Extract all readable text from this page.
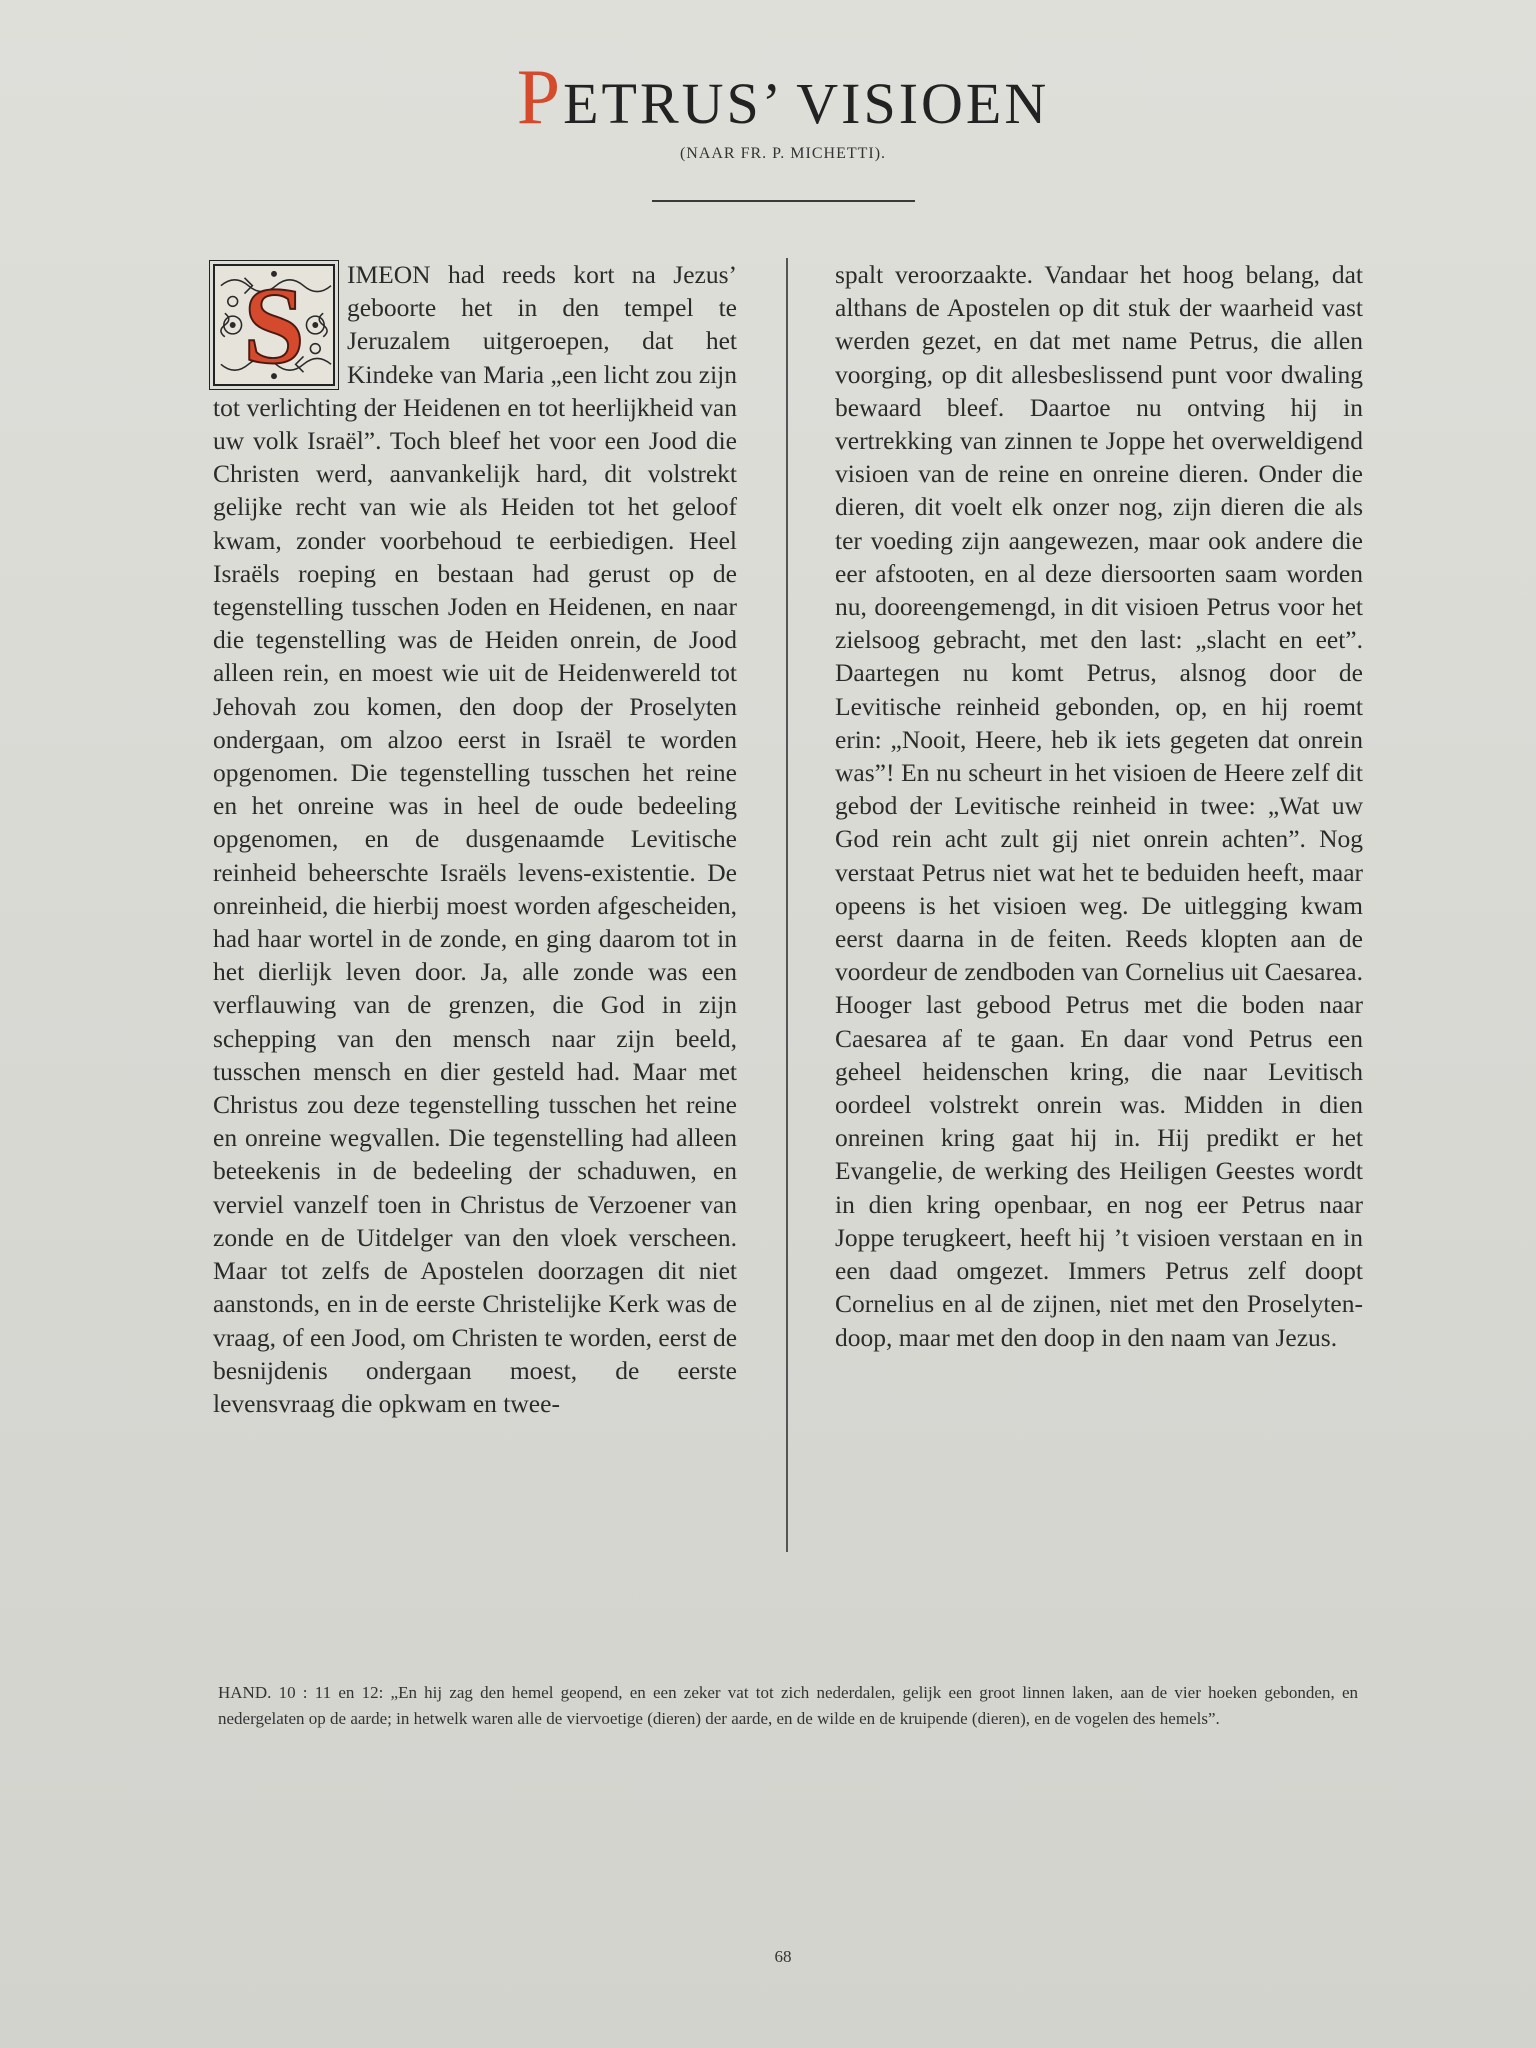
PETRUS’ VISIOEN
(NAAR FR. P. MICHETTI).
S IMEON had reeds kort na Jezus’ geboorte het in den tempel te Jeruzalem uitgeroepen, dat het Kindeke van Maria „een licht zou zijn tot verlichting der Heidenen en tot heerlijkheid van uw volk Israël”. Toch bleef het voor een Jood die Christen werd, aanvankelijk hard, dit volstrekt gelijke recht van wie als Heiden tot het geloof kwam, zonder voorbehoud te eerbiedigen. Heel Israëls roeping en bestaan had gerust op de tegenstelling tusschen Joden en Heidenen, en naar die tegenstelling was de Heiden onrein, de Jood alleen rein, en moest wie uit de Heidenwereld tot Jehovah zou komen, den doop der Proselyten ondergaan, om alzoo eerst in Israël te worden opgenomen. Die tegenstelling tusschen het reine en het onreine was in heel de oude bedeeling opgenomen, en de dusgenaamde Levitische reinheid beheerschte Israëls levens-existentie. De onreinheid, die hierbij moest worden afgescheiden, had haar wortel in de zonde, en ging daarom tot in het dierlijk leven door. Ja, alle zonde was een verflauwing van de grenzen, die God in zijn schepping van den mensch naar zijn beeld, tusschen mensch en dier gesteld had. Maar met Christus zou deze tegenstelling tusschen het reine en onreine wegvallen. Die tegenstelling had alleen beteekenis in de bedeeling der schaduwen, en verviel vanzelf toen in Christus de Verzoener van zonde en de Uitdelger van den vloek verscheen. Maar tot zelfs de Apostelen doorzagen dit niet aanstonds, en in de eerste Christelijke Kerk was de vraag, of een Jood, om Christen te worden, eerst de besnijdenis ondergaan moest, de eerste levensvraag die opkwam en twee-
spalt veroorzaakte. Vandaar het hoog belang, dat althans de Apostelen op dit stuk der waarheid vast werden gezet, en dat met name Petrus, die allen voorging, op dit allesbeslissend punt voor dwaling bewaard bleef. Daartoe nu ontving hij in vertrekking van zinnen te Joppe het overweldigend visioen van de reine en onreine dieren. Onder die dieren, dit voelt elk onzer nog, zijn dieren die als ter voeding zijn aangewezen, maar ook andere die eer afstooten, en al deze diersoorten saam worden nu, dooreengemengd, in dit visioen Petrus voor het zielsoog gebracht, met den last: „slacht en eet”. Daartegen nu komt Petrus, alsnog door de Levitische reinheid gebonden, op, en hij roemt erin: „Nooit, Heere, heb ik iets gegeten dat onrein was”! En nu scheurt in het visioen de Heere zelf dit gebod der Levitische reinheid in twee: „Wat uw God rein acht zult gij niet onrein achten”. Nog verstaat Petrus niet wat het te beduiden heeft, maar opeens is het visioen weg. De uitlegging kwam eerst daarna in de feiten. Reeds klopten aan de voordeur de zendboden van Cornelius uit Caesarea. Hooger last gebood Petrus met die boden naar Caesarea af te gaan. En daar vond Petrus een geheel heidenschen kring, die naar Levitisch oordeel volstrekt onrein was. Midden in dien onreinen kring gaat hij in. Hij predikt er het Evangelie, de werking des Heiligen Geestes wordt in dien kring openbaar, en nog eer Petrus naar Joppe terugkeert, heeft hij ’t visioen verstaan en in een daad omgezet. Immers Petrus zelf doopt Cornelius en al de zijnen, niet met den Proselyten-doop, maar met den doop in den naam van Jezus.
HAND. 10 : 11 en 12: „En hij zag den hemel geopend, en een zeker vat tot zich nederdalen, gelijk een groot linnen laken, aan de vier hoeken gebonden, en nedergelaten op de aarde; in hetwelk waren alle de viervoetige (dieren) der aarde, en de wilde en de kruipende (dieren), en de vogelen des hemels”.
68
